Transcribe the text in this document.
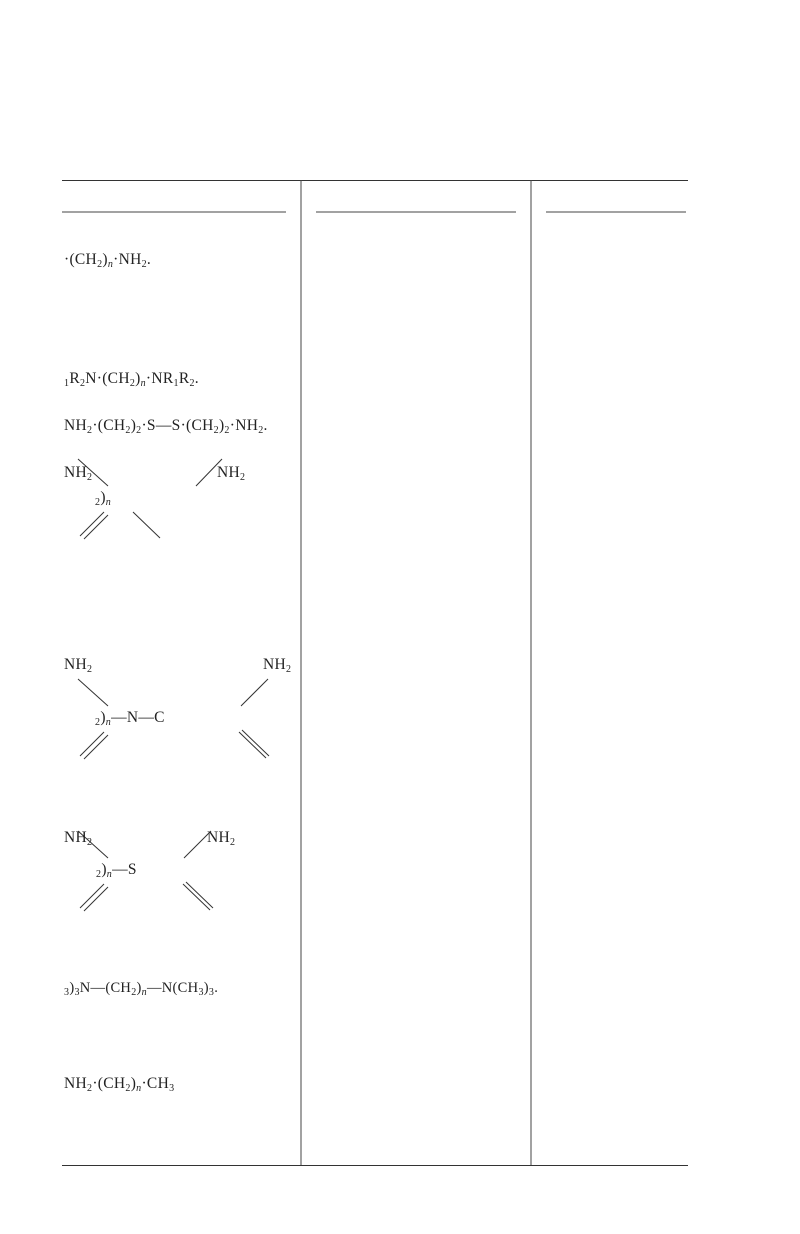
$\cdot(CH_2)_n\cdot NH_2$.
$_1R_2N\cdot(CH_2)_n\cdot NR_1R_2$.
$NH_2\cdot(CH_2)_2\cdot S—S\cdot(CH_2)_2\cdot NH_2$.
$NH_2$	$NH_2$
$_2)_n$
$NH_2$	$NH_2$
$_2)_n—N—C$
$NH_2$	$NH_2$
$_2)_n—S$
$_3)_3N—(CH_2)_n—N(CH_3)_3$.
$NH_2\cdot(CH_2)_n\cdot CH_3$
